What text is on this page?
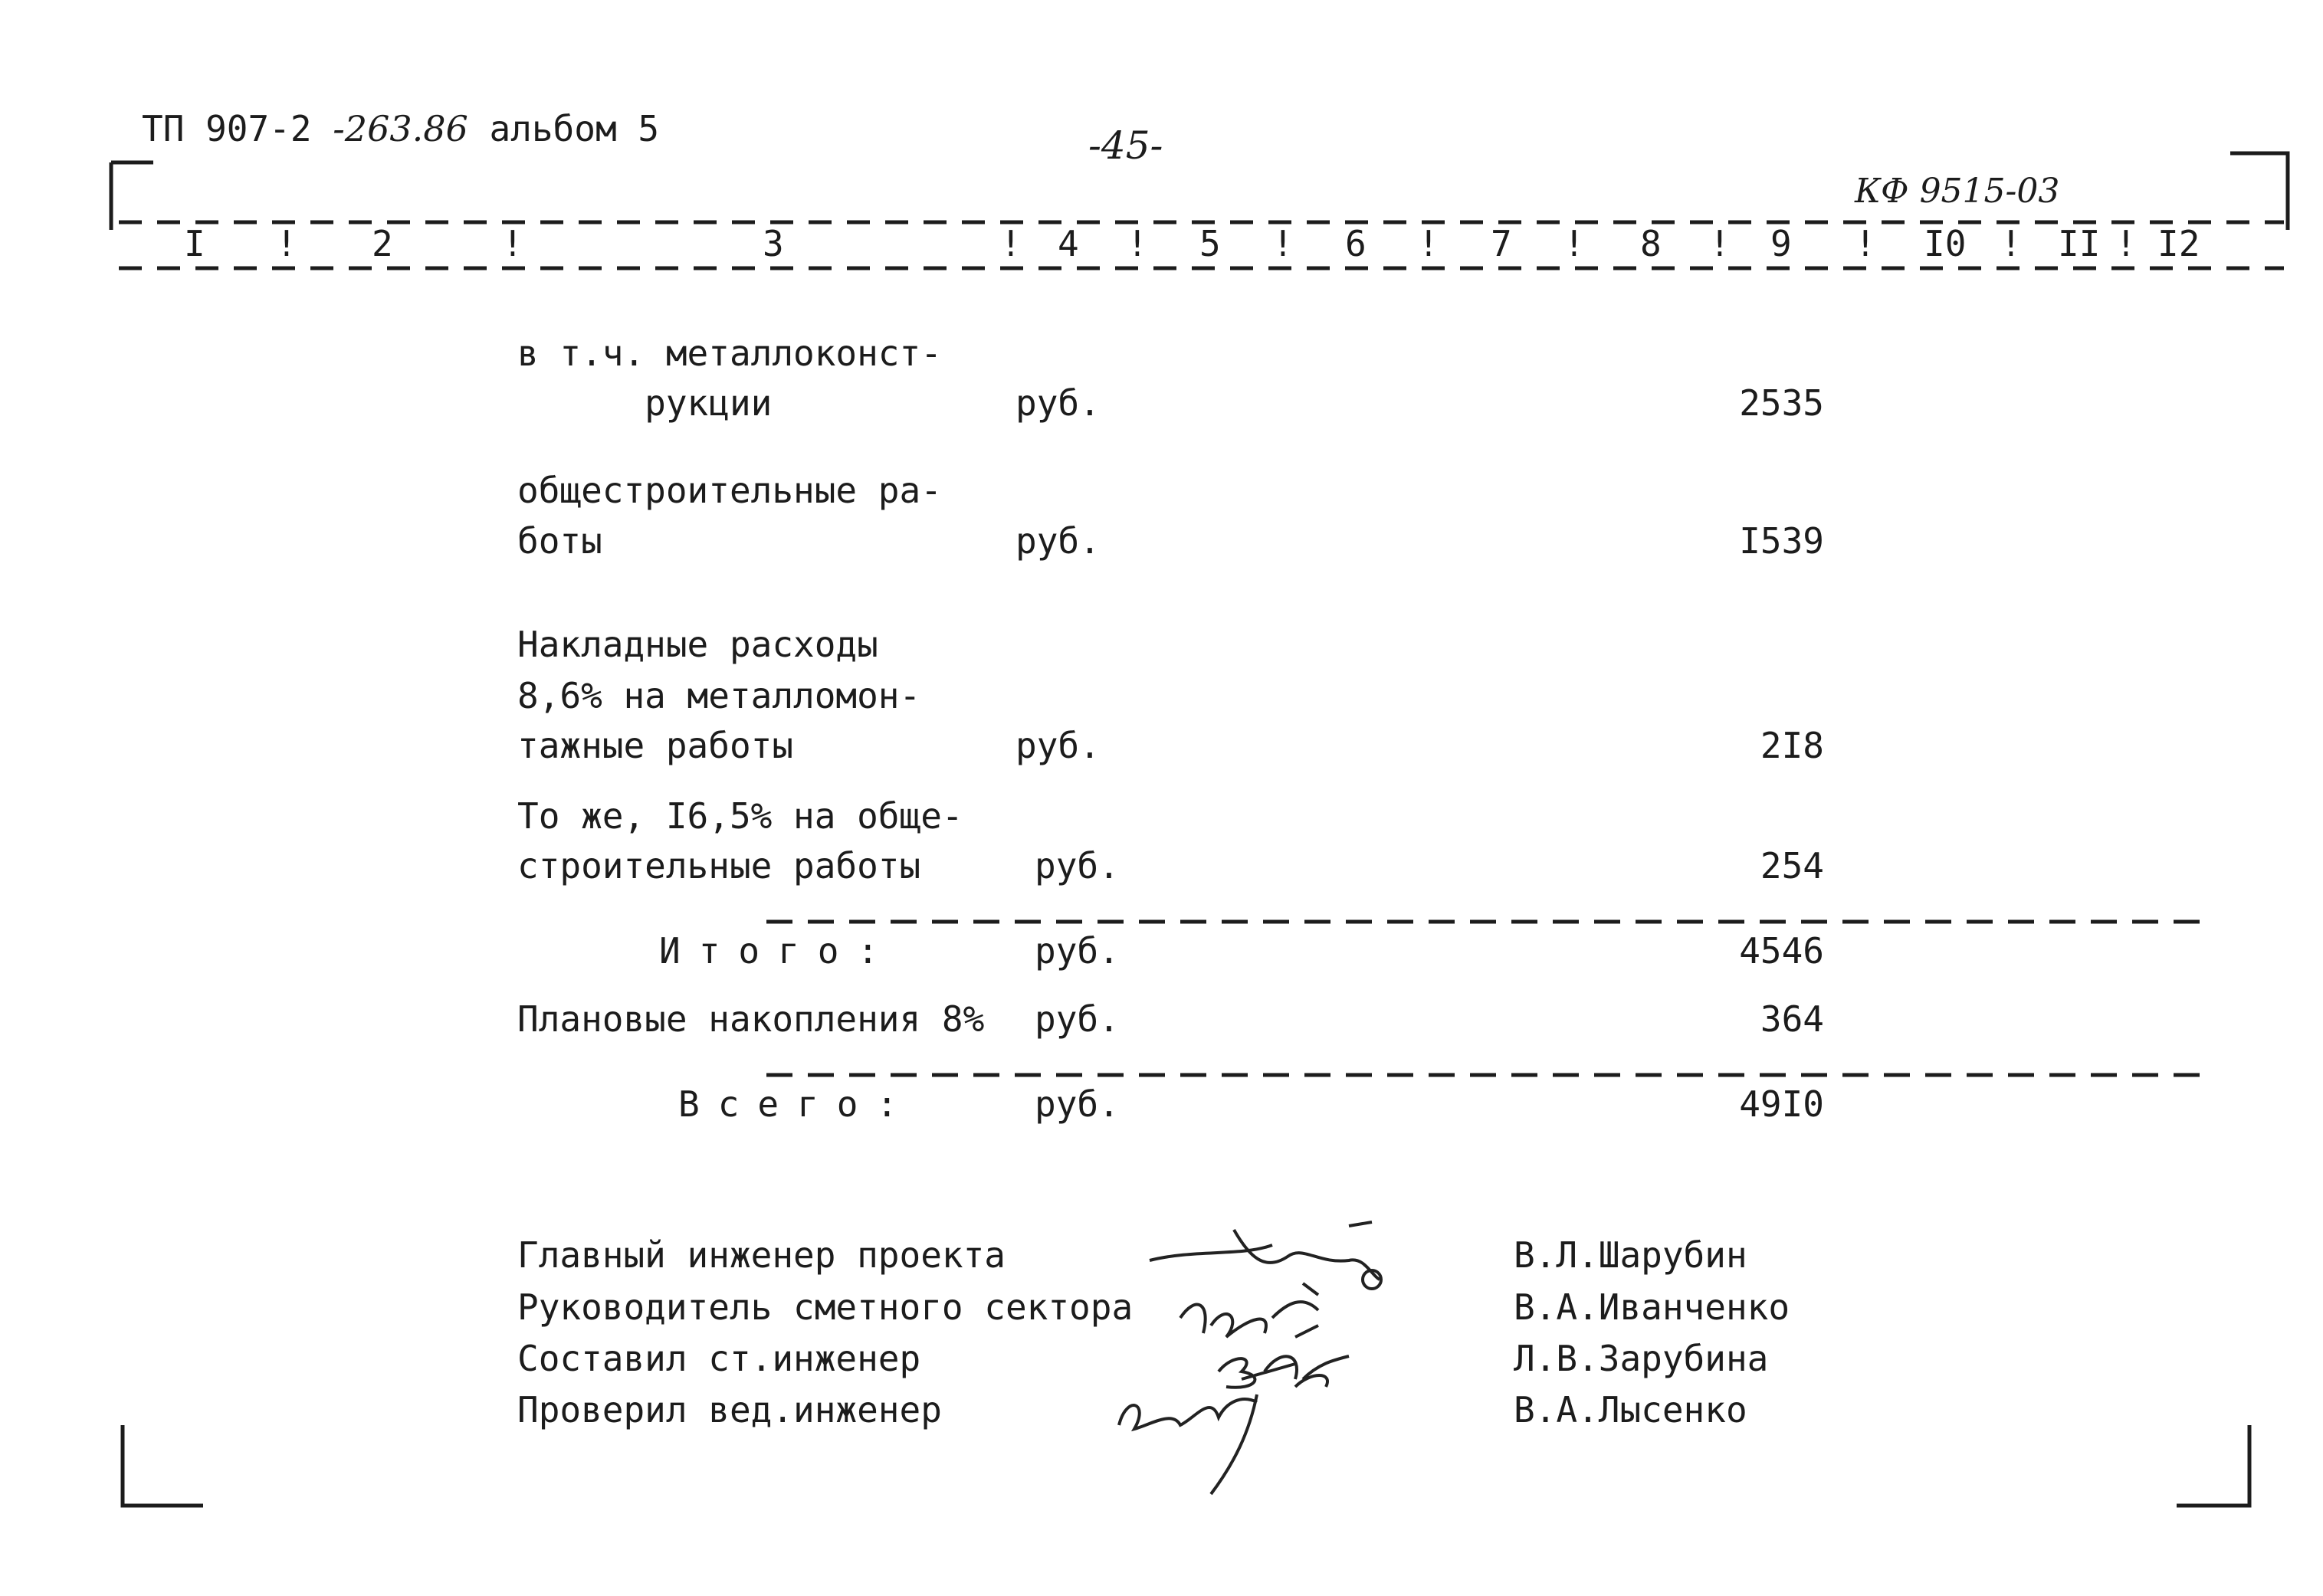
ТП 907-2 -263.86 альбом 5	-45-
КФ 9515-03
I ! 2	!	3	! 4 ! 5 ! 6 ! 7 ! 8 ! 9 ! I0 ! II ! I2
в т.ч. металлоконст-
рукции	руб.	2535
общестроительные ра-
боты	руб.	I539
Накладные расходы
8,6% на металломон-
тажные работы	руб.	2I8
То же, I6,5% на обще-
строительные работы	руб.	254
Итого:	руб.	4546
Плановые накопления 8% руб.	364
Всего:	руб.	49I0
Главный инженер проекта	В.Л.Шарубин
Руководитель сметного сектора	В.А.Иванченко
Составил ст.инженер	Л.В.Зарубина
Проверил вед.инженер	В.А.Лысенко
